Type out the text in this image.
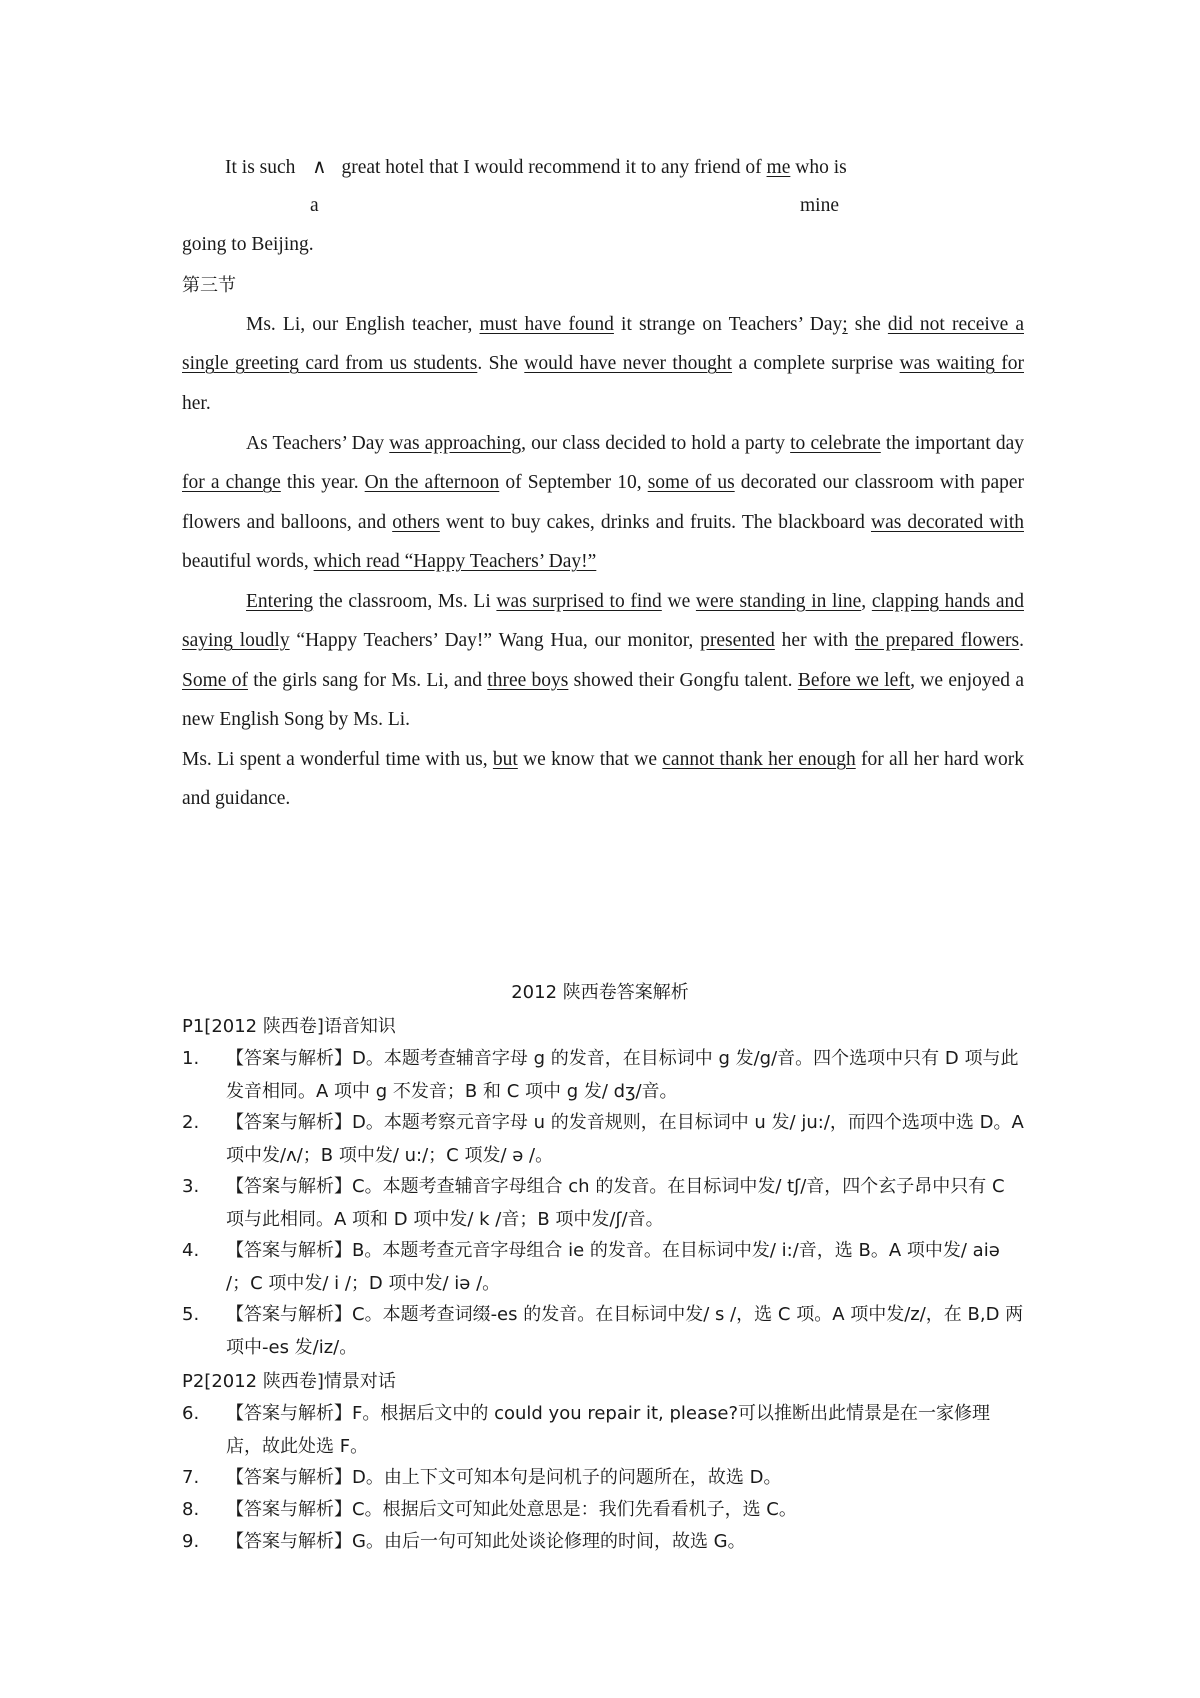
It is such ∧ great hotel that I would recommend it to any friend of me who is
a	mine
going to Beijing.
第三节
Ms. Li, our English teacher, must have found it strange on Teachers’ Day; she did not receive a single greeting card from us students. She would have never thought a complete surprise was waiting for her.
As Teachers’ Day was approaching, our class decided to hold a party to celebrate the important day for a change this year. On the afternoon of September 10, some of us decorated our classroom with paper flowers and balloons, and others went to buy cakes, drinks and fruits. The blackboard was decorated with beautiful words, which read “Happy Teachers’ Day!”
Entering the classroom, Ms. Li was surprised to find we were standing in line, clapping hands and saying loudly “Happy Teachers’ Day!” Wang Hua, our monitor, presented her with the prepared flowers. Some of the girls sang for Ms. Li, and three boys showed their Gongfu talent. Before we left, we enjoyed a new English Song by Ms. Li.
Ms. Li spent a wonderful time with us, but we know that we cannot thank her enough for all her hard work and guidance.
2012 陕西卷答案解析
P1[2012 陕西卷]语音知识
1. 【答案与解析】D。本题考查辅音字母 g 的发音，在目标词中 g 发/g/音。四个选项中只有 D 项与此发音相同。A 项中 g 不发音；B 和 C 项中 g 发/ dʒ/音。
2. 【答案与解析】D。本题考察元音字母 u 的发音规则，在目标词中 u 发/ ju:/，而四个选项中选 D。A 项中发/ʌ/；B 项中发/ u:/；C 项发/ ə /。
3. 【答案与解析】C。本题考查辅音字母组合 ch 的发音。在目标词中发/ tʃ/音，四个玄子昂中只有 C 项与此相同。A 项和 D 项中发/ k /音；B 项中发/ʃ/音。
4. 【答案与解析】B。本题考查元音字母组合 ie 的发音。在目标词中发/ i:/音，选 B。A 项中发/ aiə /；C 项中发/ i /；D 项中发/ iə /。
5. 【答案与解析】C。本题考查词缀-es 的发音。在目标词中发/ s /，选 C 项。A 项中发/z/，在 B,D 两项中-es 发/iz/。
P2[2012 陕西卷]情景对话
6. 【答案与解析】F。根据后文中的 could you repair it, please?可以推断出此情景是在一家修理店，故此处选 F。
7. 【答案与解析】D。由上下文可知本句是问机子的问题所在，故选 D。
8. 【答案与解析】C。根据后文可知此处意思是：我们先看看机子，选 C。
9. 【答案与解析】G。由后一句可知此处谈论修理的时间，故选 G。
